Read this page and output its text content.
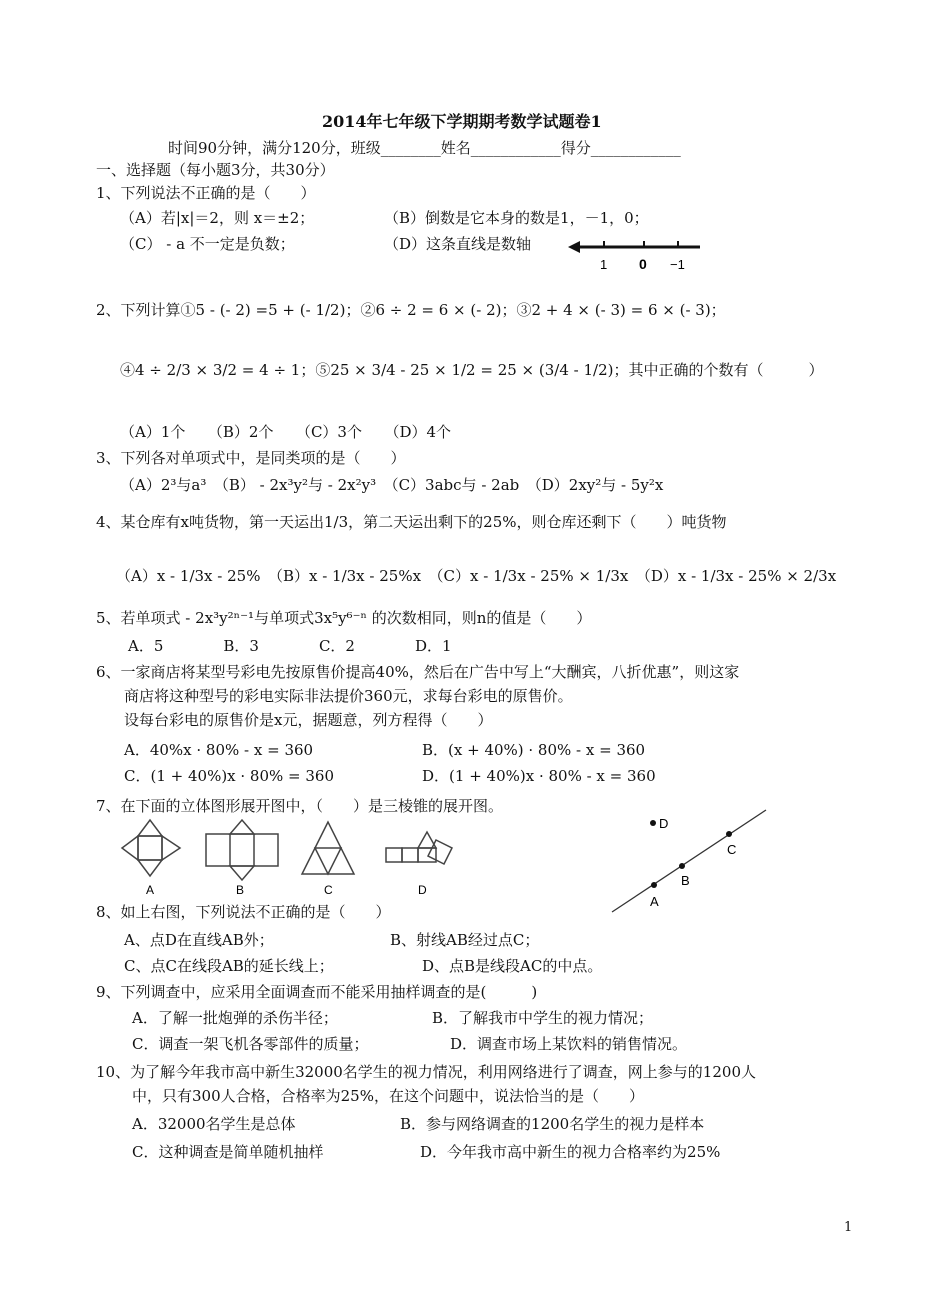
2014年七年级下学期期考数学试题卷1
时间90分钟，满分120分，班级________姓名____________得分____________
一、选择题（每小题3分，共30分）
1、下列说法不正确的是（　　）
（A）若|x|＝2，则 x＝±2；	（B）倒数是它本身的数是1，－1，0；
（C） - a 不一定是负数；	（D）这条直线是数轴
1 0 −1
2、下列计算①5 - (- 2) =5 + (- 1/2)；②6 ÷ 2 = 6 × (- 2)；③2 + 4 × (- 3) = 6 × (- 3)；
④4 ÷ 2/3 × 3/2 = 4 ÷ 1；⑤25 × 3/4 - 25 × 1/2 = 25 × (3/4 - 1/2)；其中正确的个数有（　　　）
（A）1个　　（B）2个　　（C）3个　　（D）4个
3、下列各对单项式中，是同类项的是（　　）
（A）2³与a³　（B） - 2x³y²与 - 2x²y³　（C）3abc与 - 2ab　（D）2xy²与 - 5y²x
4、某仓库有x吨货物，第一天运出1/3，第二天运出剩下的25%，则仓库还剩下（　　）吨货物
（A）x - 1/3x - 25%　（B）x - 1/3x - 25%x　（C）x - 1/3x - 25% × 1/3x　（D）x - 1/3x - 25% × 2/3x
5、若单项式 - 2x³y²ⁿ⁻¹与单项式3x⁵y⁶⁻ⁿ 的次数相同，则n的值是（　　）
A．5　　　　B．3　　　　C．2　　　　D．1
6、一家商店将某型号彩电先按原售价提高40%，然后在广告中写上“大酬宾，八折优惠”，则这家
商店将这种型号的彩电实际非法提价360元，求每台彩电的原售价。
设每台彩电的原售价是x元，据题意，列方程得（　　）
A．40%x · 80% - x = 360	B．(x + 40%) · 80% - x = 360
C．(1 + 40%)x · 80% = 360	D．(1 + 40%)x · 80% - x = 360
7、在下面的立体图形展开图中，（　　）是三棱锥的展开图。
A	B	C	D
D
C
B
A
8、如上右图，下列说法不正确的是（　　）
A、点D在直线AB外；	B、射线AB经过点C；
C、点C在线段AB的延长线上；	D、点B是线段AC的中点。
9、下列调查中，应采用全面调查而不能采用抽样调查的是(　　　)
A．了解一批炮弹的杀伤半径；	B．了解我市中学生的视力情况；
C．调查一架飞机各零部件的质量；	D．调查市场上某饮料的销售情况。
10、为了解今年我市高中新生32000名学生的视力情况，利用网络进行了调查，网上参与的1200人
中，只有300人合格，合格率为25%，在这个问题中，说法恰当的是（　　）
A．32000名学生是总体	B．参与网络调查的1200名学生的视力是样本
C．这种调查是简单随机抽样	D．今年我市高中新生的视力合格率约为25%
1
